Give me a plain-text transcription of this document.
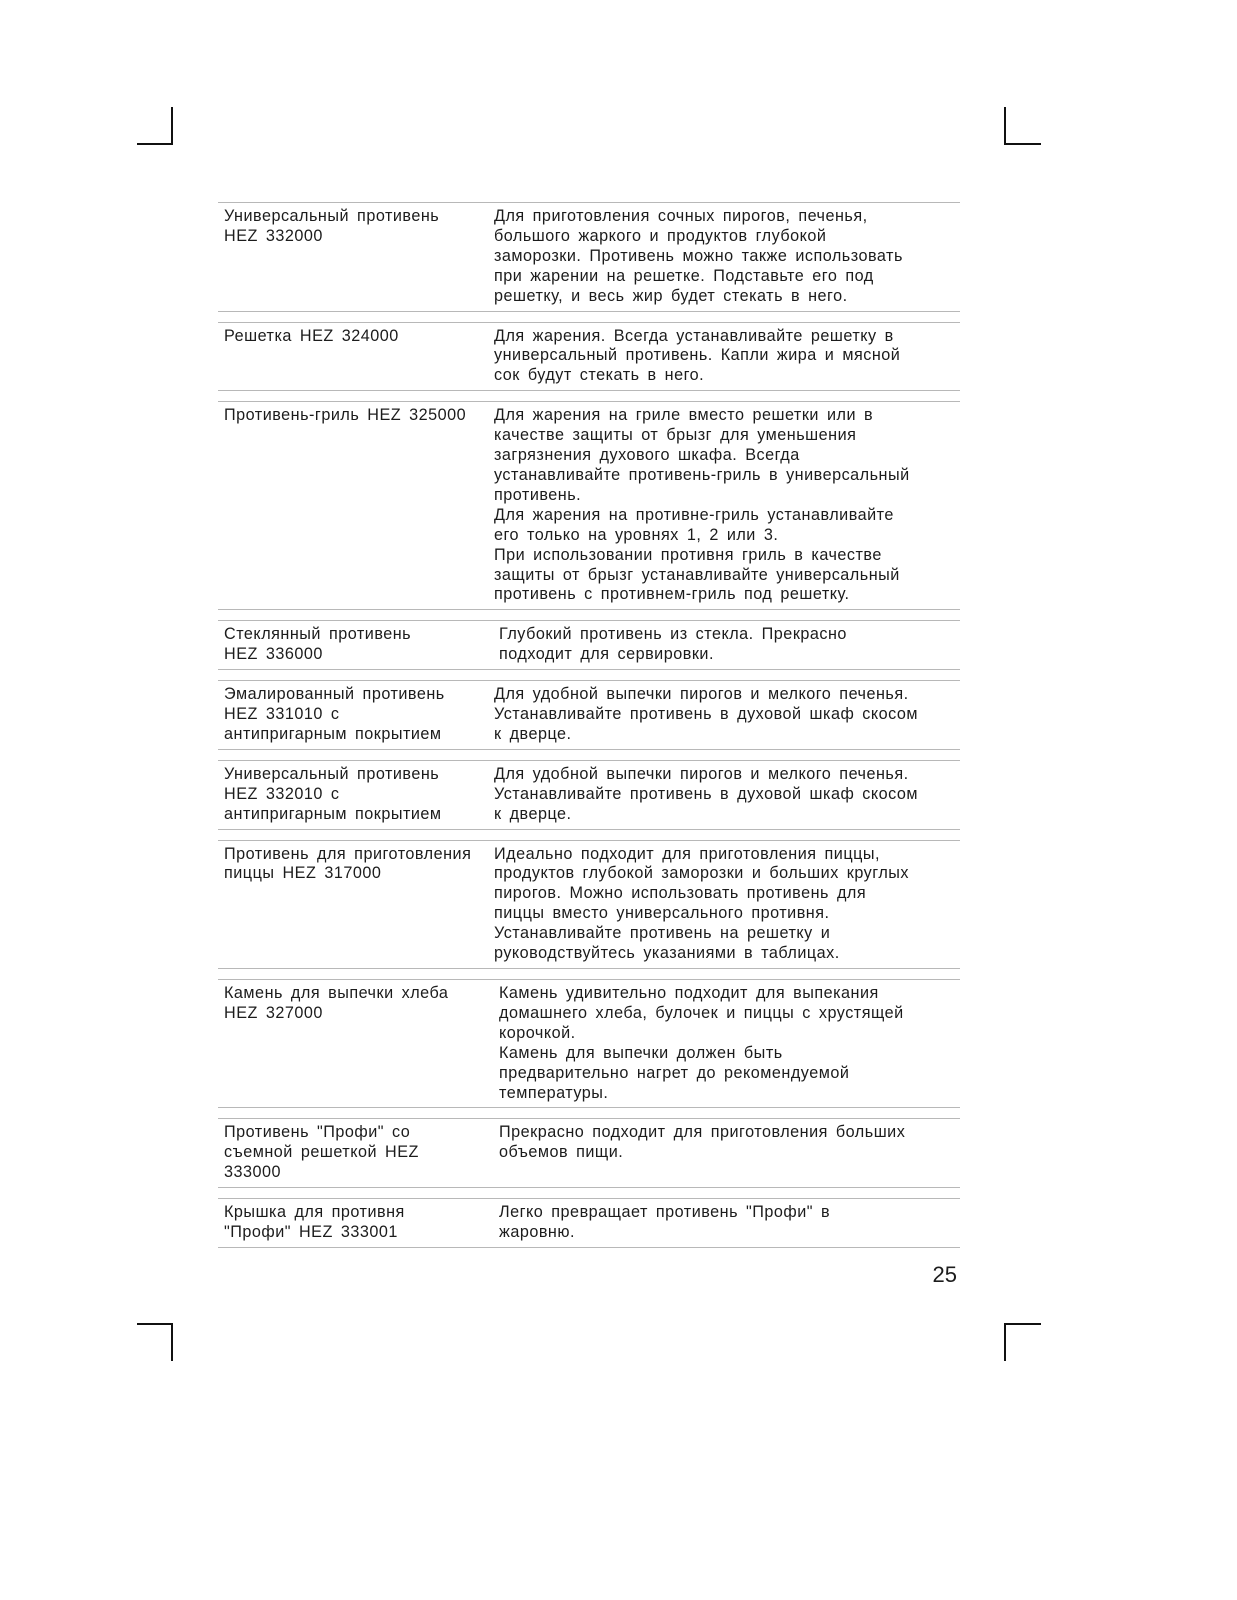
Универсальный противень
HEZ 332000
Для приготовления сочных пирогов, печенья,
большого жаркого и продуктов глубокой
заморозки. Противень можно также использовать
при жарении на решетке. Подставьте его под
решетку, и весь жир будет стекать в него.
Решетка HEZ 324000	Для жарения. Всегда устанавливайте решетку в
универсальный противень. Капли жира и мясной
сок будут стекать в него.
Противень-гриль HEZ 325000	Для жарения на гриле вместо решетки или в
качестве защиты от брызг для уменьшения
загрязнения духового шкафа. Всегда
устанавливайте противень-гриль в универсальный
противень.
Для жарения на противне-гриль устанавливайте
его только на уровнях 1, 2 или 3.
При использовании противня гриль в качестве
защиты от брызг устанавливайте универсальный
противень с противнем-гриль под решетку.
Стеклянный противень
HEZ 336000
Глубокий противень из стекла. Прекрасно
подходит для сервировки.
Эмалированный противень
HEZ 331010 с
антипригарным покрытием
Для удобной выпечки пирогов и мелкого печенья.
Устанавливайте противень в духовой шкаф скосом
к дверце.
Универсальный противень
HEZ 332010 с
антипригарным покрытием
Для удобной выпечки пирогов и мелкого печенья.
Устанавливайте противень в духовой шкаф скосом
к дверце.
Противень для приготовления
пиццы HEZ 317000
Идеально подходит для приготовления пиццы,
продуктов глубокой заморозки и больших круглых
пирогов. Можно использовать противень для
пиццы вместо универсального противня.
Устанавливайте противень на решетку и
руководствуйтесь указаниями в таблицах.
Камень для выпечки хлеба
HEZ 327000
Камень удивительно подходит для выпекания
домашнего хлеба, булочек и пиццы с хрустящей
корочкой.
Камень для выпечки должен быть
предварительно нагрет до рекомендуемой
температуры.
Противень "Профи" со
съемной решеткой HEZ
333000
Прекрасно подходит для приготовления больших
объемов пищи.
Крышка для противня
"Профи" HEZ 333001
Легко превращает противень "Профи" в
жаровню.
25
